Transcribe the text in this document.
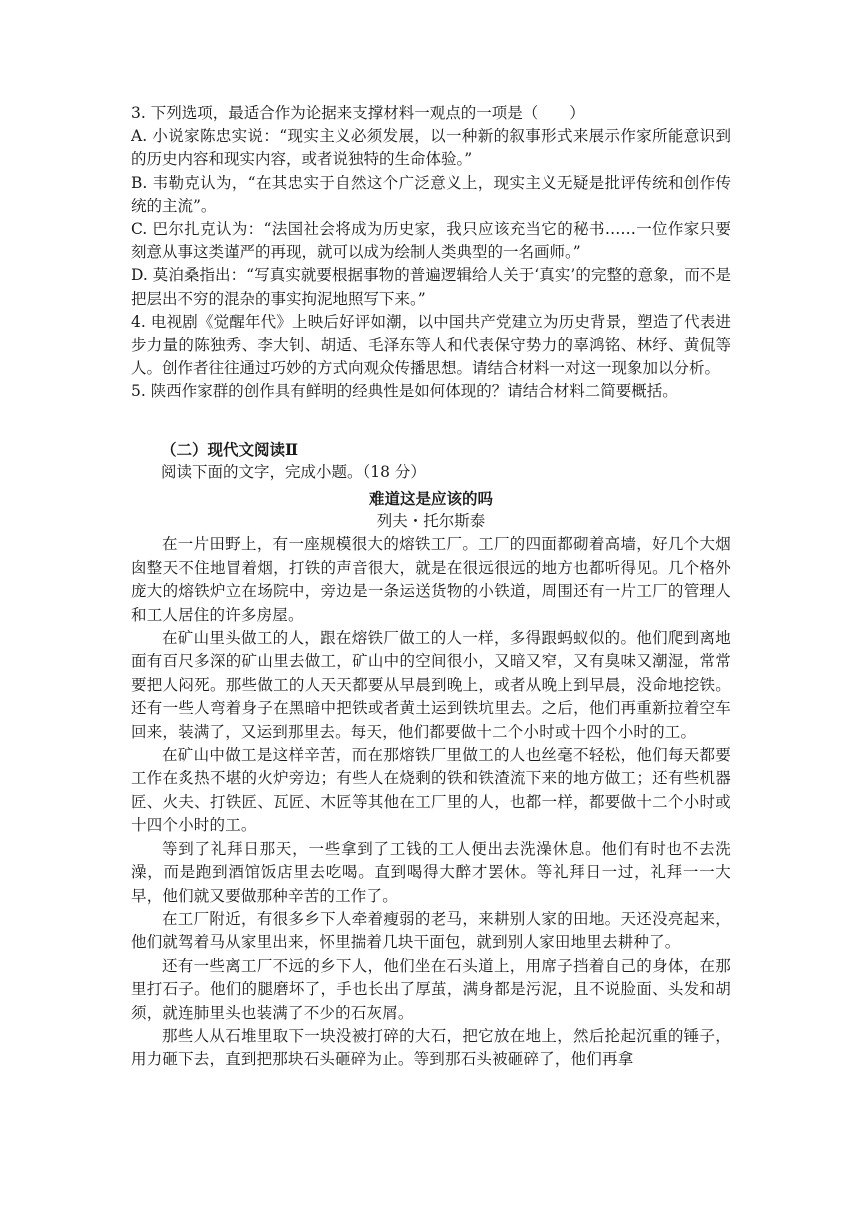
3. 下列选项，最适合作为论据来支撑材料一观点的一项是（　　）

A. 小说家陈忠实说：“现实主义必须发展，以一种新的叙事形式来展示作家所能意识到的历史内容和现实内容，或者说独特的生命体验。”

B. 韦勒克认为，“在其忠实于自然这个广泛意义上，现实主义无疑是批评传统和创作传统的主流”。

C. 巴尔扎克认为：“法国社会将成为历史家，我只应该充当它的秘书……一位作家只要刻意从事这类谨严的再现，就可以成为绘制人类典型的一名画师。”

D. 莫泊桑指出：“写真实就要根据事物的普遍逻辑给人关于‘真实’的完整的意象，而不是把层出不穷的混杂的事实拘泥地照写下来。”

4. 电视剧《觉醒年代》上映后好评如潮，以中国共产党建立为历史背景，塑造了代表进步力量的陈独秀、李大钊、胡适、毛泽东等人和代表保守势力的辜鸿铭、林纾、黄侃等人。创作者往往通过巧妙的方式向观众传播思想。请结合材料一对这一现象加以分析。

5. 陕西作家群的创作具有鲜明的经典性是如何体现的？请结合材料二简要概括。

（二）现代文阅读Ⅱ

阅读下面的文字，完成小题。（18 分）

难道这是应该的吗

列夫・托尔斯泰

在一片田野上，有一座规模很大的熔铁工厂。工厂的四面都砌着高墙，好几个大烟囱整天不住地冒着烟，打铁的声音很大，就是在很远很远的地方也都听得见。几个格外庞大的熔铁炉立在场院中，旁边是一条运送货物的小铁道，周围还有一片工厂的管理人和工人居住的许多房屋。

在矿山里头做工的人，跟在熔铁厂做工的人一样，多得跟蚂蚁似的。他们爬到离地面有百尺多深的矿山里去做工，矿山中的空间很小，又暗又窄，又有臭味又潮湿，常常要把人闷死。那些做工的人天天都要从早晨到晚上，或者从晚上到早晨，没命地挖铁。还有一些人弯着身子在黑暗中把铁或者黄土运到铁坑里去。之后，他们再重新拉着空车回来，装满了，又运到那里去。每天，他们都要做十二个小时或十四个小时的工。

在矿山中做工是这样辛苦，而在那熔铁厂里做工的人也丝毫不轻松，他们每天都要工作在炙热不堪的火炉旁边；有些人在烧剩的铁和铁渣流下来的地方做工；还有些机器匠、火夫、打铁匠、瓦匠、木匠等其他在工厂里的人，也都一样，都要做十二个小时或十四个小时的工。

等到了礼拜日那天，一些拿到了工钱的工人便出去洗澡休息。他们有时也不去洗澡，而是跑到酒馆饭店里去吃喝。直到喝得大醉才罢休。等礼拜日一过，礼拜一一大早，他们就又要做那种辛苦的工作了。

在工厂附近，有很多乡下人牵着瘦弱的老马，来耕别人家的田地。天还没亮起来，他们就驾着马从家里出来，怀里揣着几块干面包，就到别人家田地里去耕种了。

还有一些离工厂不远的乡下人，他们坐在石头道上，用席子挡着自己的身体，在那里打石子。他们的腿磨坏了，手也长出了厚茧，满身都是污泥，且不说脸面、头发和胡须，就连肺里头也装满了不少的石灰屑。

那些人从石堆里取下一块没被打碎的大石，把它放在地上，然后抡起沉重的锤子，用力砸下去，直到把那块石头砸碎为止。等到那石头被砸碎了，他们再拿
